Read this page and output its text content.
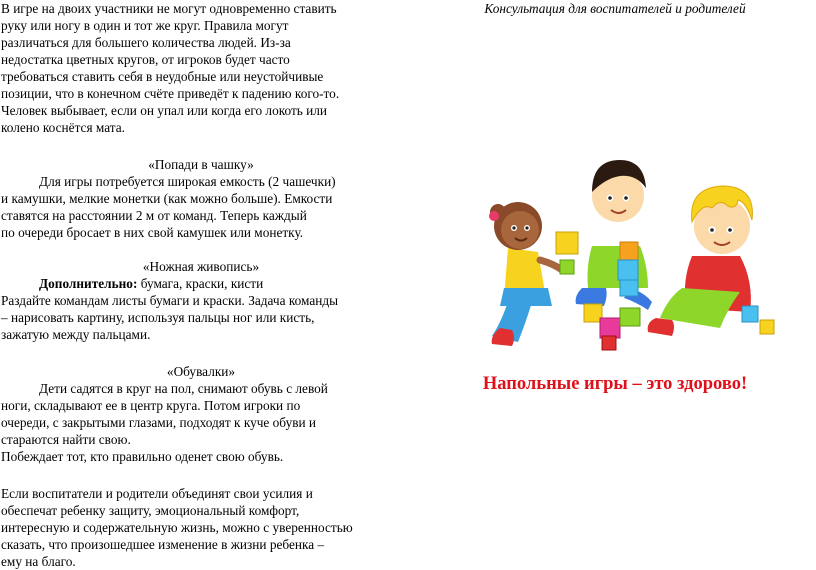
В игре на двоих участники не могут одновременно ставить

руку или ногу в один и тот же круг. Правила могут

различаться для большего количества людей. Из-за

недостатка цветных кругов, от игроков будет часто

требоваться ставить себя в неудобные или неустойчивые

позиции, что в конечном счёте приведёт к падению кого-то.

Человек выбывает, если он упал или когда его локоть или

колено коснётся мата.

«Попади в чашку»

Для игры потребуется широкая емкость (2 чашечки)

и камушки, мелкие монетки (как можно больше). Емкости

ставятся на расстоянии 2 м от команд. Теперь каждый

по очереди бросает в них свой камушек или монетку.

«Ножная живопись»

Дополнительно: бумага, краски, кисти

Раздайте командам листы бумаги и краски. Задача команды

– нарисовать картину, используя пальцы ног или кисть,

зажатую между пальцами.

«Обувалки»

Дети садятся в круг на пол, снимают обувь с левой

ноги, складывают ее в центр круга. Потом игроки по

очереди, с закрытыми глазами, подходят к куче обуви и

стараются найти свою.

Побеждает тот, кто правильно оденет свою обувь.

Если воспитатели и родители объединят свои усилия и

обеспечат ребенку защиту, эмоциональный комфорт,

интересную и содержательную жизнь, можно с уверенностью

сказать, что произошедшее изменение в жизни ребенка –

ему на благо.

Консультация для воспитателей и родителей
Напольные игры – это здорово!
